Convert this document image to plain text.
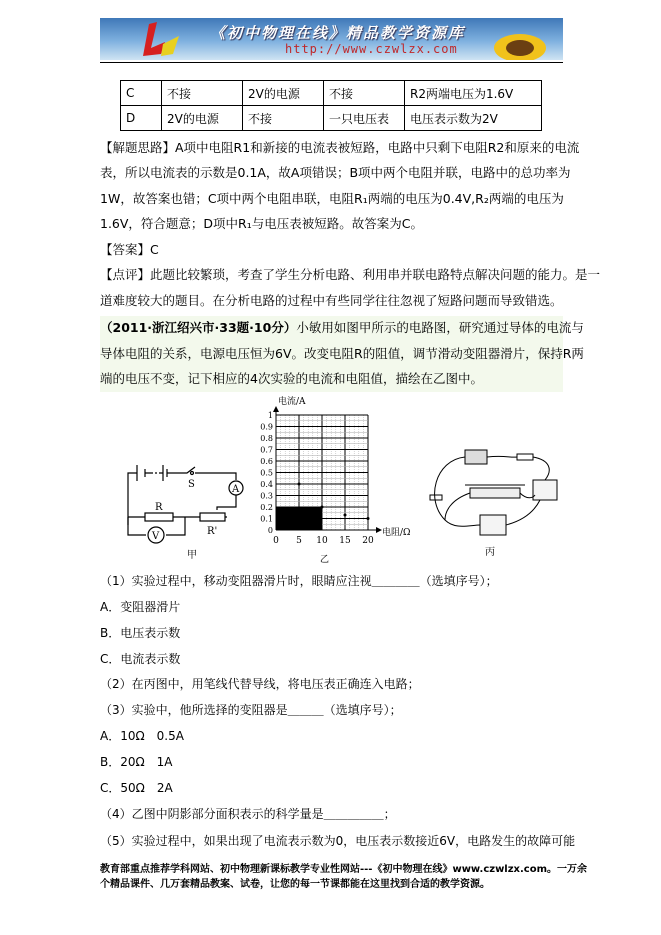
《初中物理在线》精品教学资源库
http://www.czwlzx.com
C	不接	2V的电源	不接	R2两端电压为1.6V
D	2V的电源	不接	一只电压表	电压表示数为2V
【解题思路】A项中电阻R1和新接的电流表被短路，电路中只剩下电阻R2和原来的电流
表，所以电流表的示数是0.1A，故A项错误；B项中两个电阻并联，电路中的总功率为
1W，故答案也错；C项中两个电阻串联，电阻R₁两端的电压为0.4V,R₂两端的电压为
1.6V，符合题意；D项中R₁与电压表被短路。故答案为C。
【答案】C
【点评】此题比较繁琐，考查了学生分析电路、利用串并联电路特点解决问题的能力。是一
道难度较大的题目。在分析电路的过程中有些同学往往忽视了短路问题而导致错选。
（2011·浙江绍兴市·33题·10分）小敏用如图甲所示的电路图，研究通过导体的电流与
导体电阻的关系，电源电压恒为6V。改变电阻R的阻值，调节滑动变阻器滑片，保持R两
端的电压不变，记下相应的4次实验的电流和电阻值，描绘在乙图中。
S	A
V
R
R'
甲
电流/A
电阻/Ω
乙
0
0.1
0.2
0.3
0.4
0.5
0.6
0.7
0.8
0.9
1
0 5 10 15 20
丙
（1）实验过程中，移动变阻器滑片时，眼睛应注视＿＿＿＿（选填序号）；
A．变阻器滑片
B．电压表示数
C．电流表示数
（2）在丙图中，用笔线代替导线，将电压表正确连入电路；
（3）实验中，他所选择的变阻器是＿＿＿（选填序号）；
A．10Ω　0.5A
B．20Ω　1A
C．50Ω　2A
（4）乙图中阴影部分面积表示的科学量是＿＿＿＿＿；
（5）实验过程中，如果出现了电流表示数为0，电压表示数接近6V，电路发生的故障可能
教育部重点推荐学科网站、初中物理新课标教学专业性网站---《初中物理在线》www.czwlzx.com。一万余
个精品课件、几万套精品教案、试卷，让您的每一节课都能在这里找到合适的教学资源。
